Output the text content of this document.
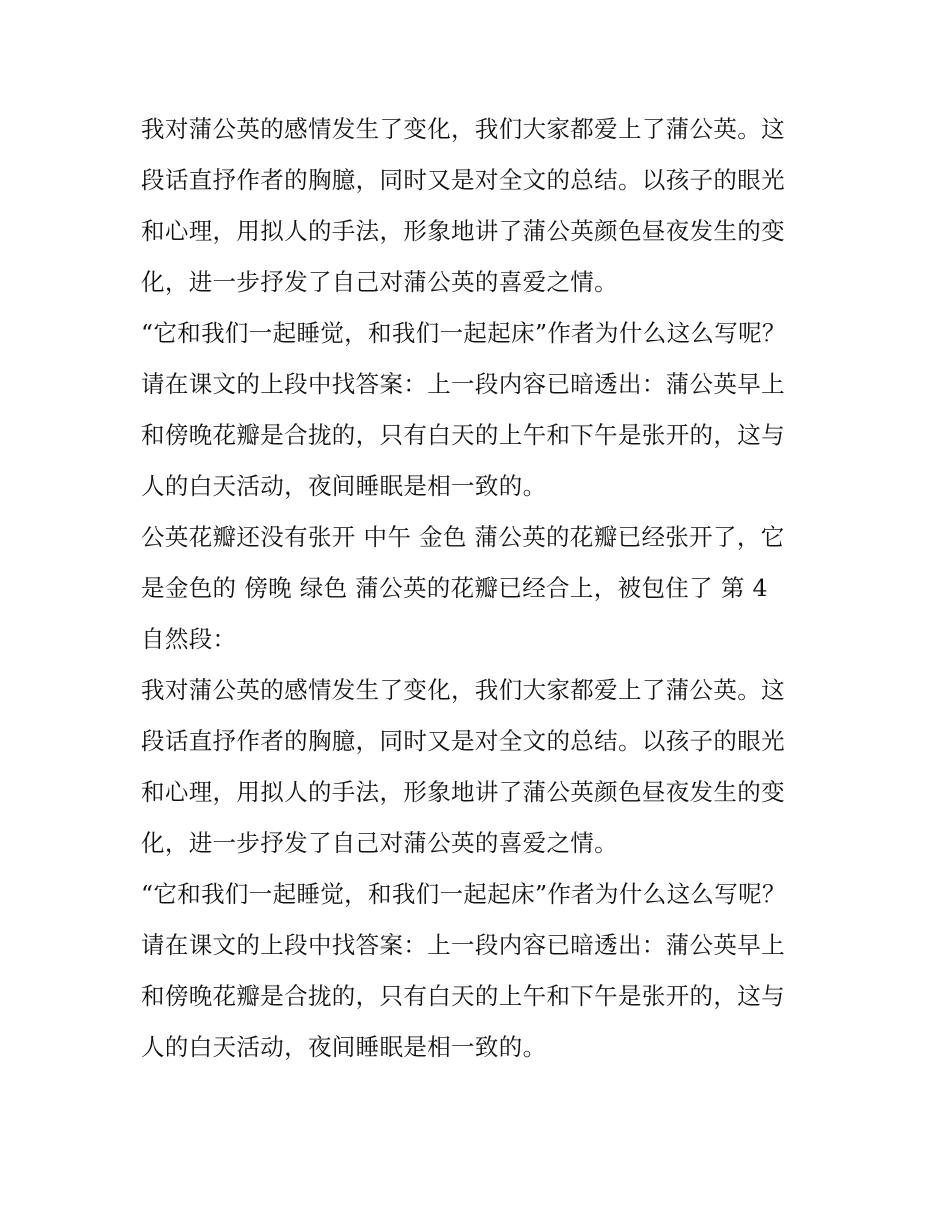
我对蒲公英的感情发生了变化，我们大家都爱上了蒲公英。这
段话直抒作者的胸臆，同时又是对全文的总结。以孩子的眼光
和心理，用拟人的手法，形象地讲了蒲公英颜色昼夜发生的变
化，进一步抒发了自己对蒲公英的喜爱之情。
“它和我们一起睡觉，和我们一起起床”作者为什么这么写呢？
请在课文的上段中找答案：上一段内容已暗透出：蒲公英早上
和傍晚花瓣是合拢的，只有白天的上午和下午是张开的，这与
人的白天活动，夜间睡眠是相一致的。
公英花瓣还没有张开 中午 金色 蒲公英的花瓣已经张开了，它
是金色的 傍晚 绿色 蒲公英的花瓣已经合上，被包住了 第 4
自然段：
我对蒲公英的感情发生了变化，我们大家都爱上了蒲公英。这
段话直抒作者的胸臆，同时又是对全文的总结。以孩子的眼光
和心理，用拟人的手法，形象地讲了蒲公英颜色昼夜发生的变
化，进一步抒发了自己对蒲公英的喜爱之情。
“它和我们一起睡觉，和我们一起起床”作者为什么这么写呢？
请在课文的上段中找答案：上一段内容已暗透出：蒲公英早上
和傍晚花瓣是合拢的，只有白天的上午和下午是张开的，这与
人的白天活动，夜间睡眠是相一致的。
